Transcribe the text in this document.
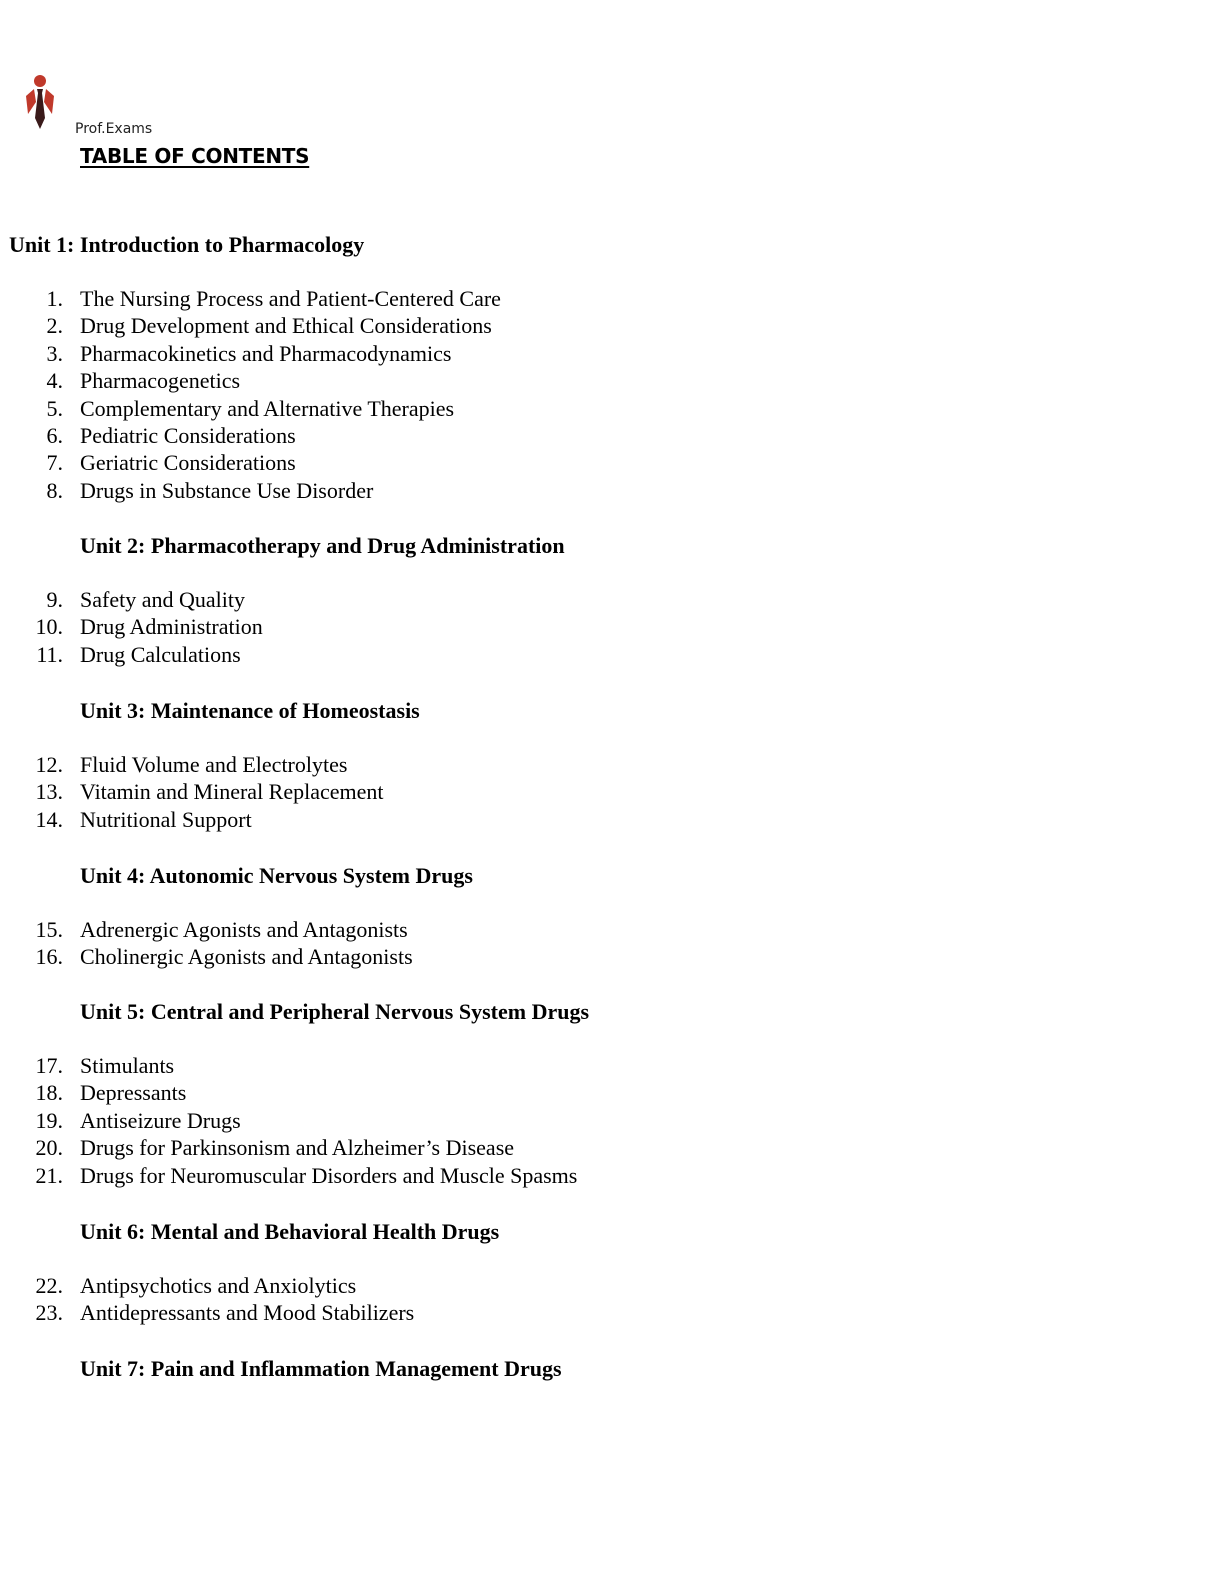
Prof.Exams
TABLE OF CONTENTS
Unit 1: Introduction to Pharmacology
1. The Nursing Process and Patient-Centered Care
2. Drug Development and Ethical Considerations
3. Pharmacokinetics and Pharmacodynamics
4. Pharmacogenetics
5. Complementary and Alternative Therapies
6. Pediatric Considerations
7. Geriatric Considerations
8. Drugs in Substance Use Disorder
Unit 2: Pharmacotherapy and Drug Administration
9. Safety and Quality
10. Drug Administration
11. Drug Calculations
Unit 3: Maintenance of Homeostasis
12. Fluid Volume and Electrolytes
13. Vitamin and Mineral Replacement
14. Nutritional Support
Unit 4: Autonomic Nervous System Drugs
15. Adrenergic Agonists and Antagonists
16. Cholinergic Agonists and Antagonists
Unit 5: Central and Peripheral Nervous System Drugs
17. Stimulants
18. Depressants
19. Antiseizure Drugs
20. Drugs for Parkinsonism and Alzheimer’s Disease
21. Drugs for Neuromuscular Disorders and Muscle Spasms
Unit 6: Mental and Behavioral Health Drugs
22. Antipsychotics and Anxiolytics
23. Antidepressants and Mood Stabilizers
Unit 7: Pain and Inflammation Management Drugs
